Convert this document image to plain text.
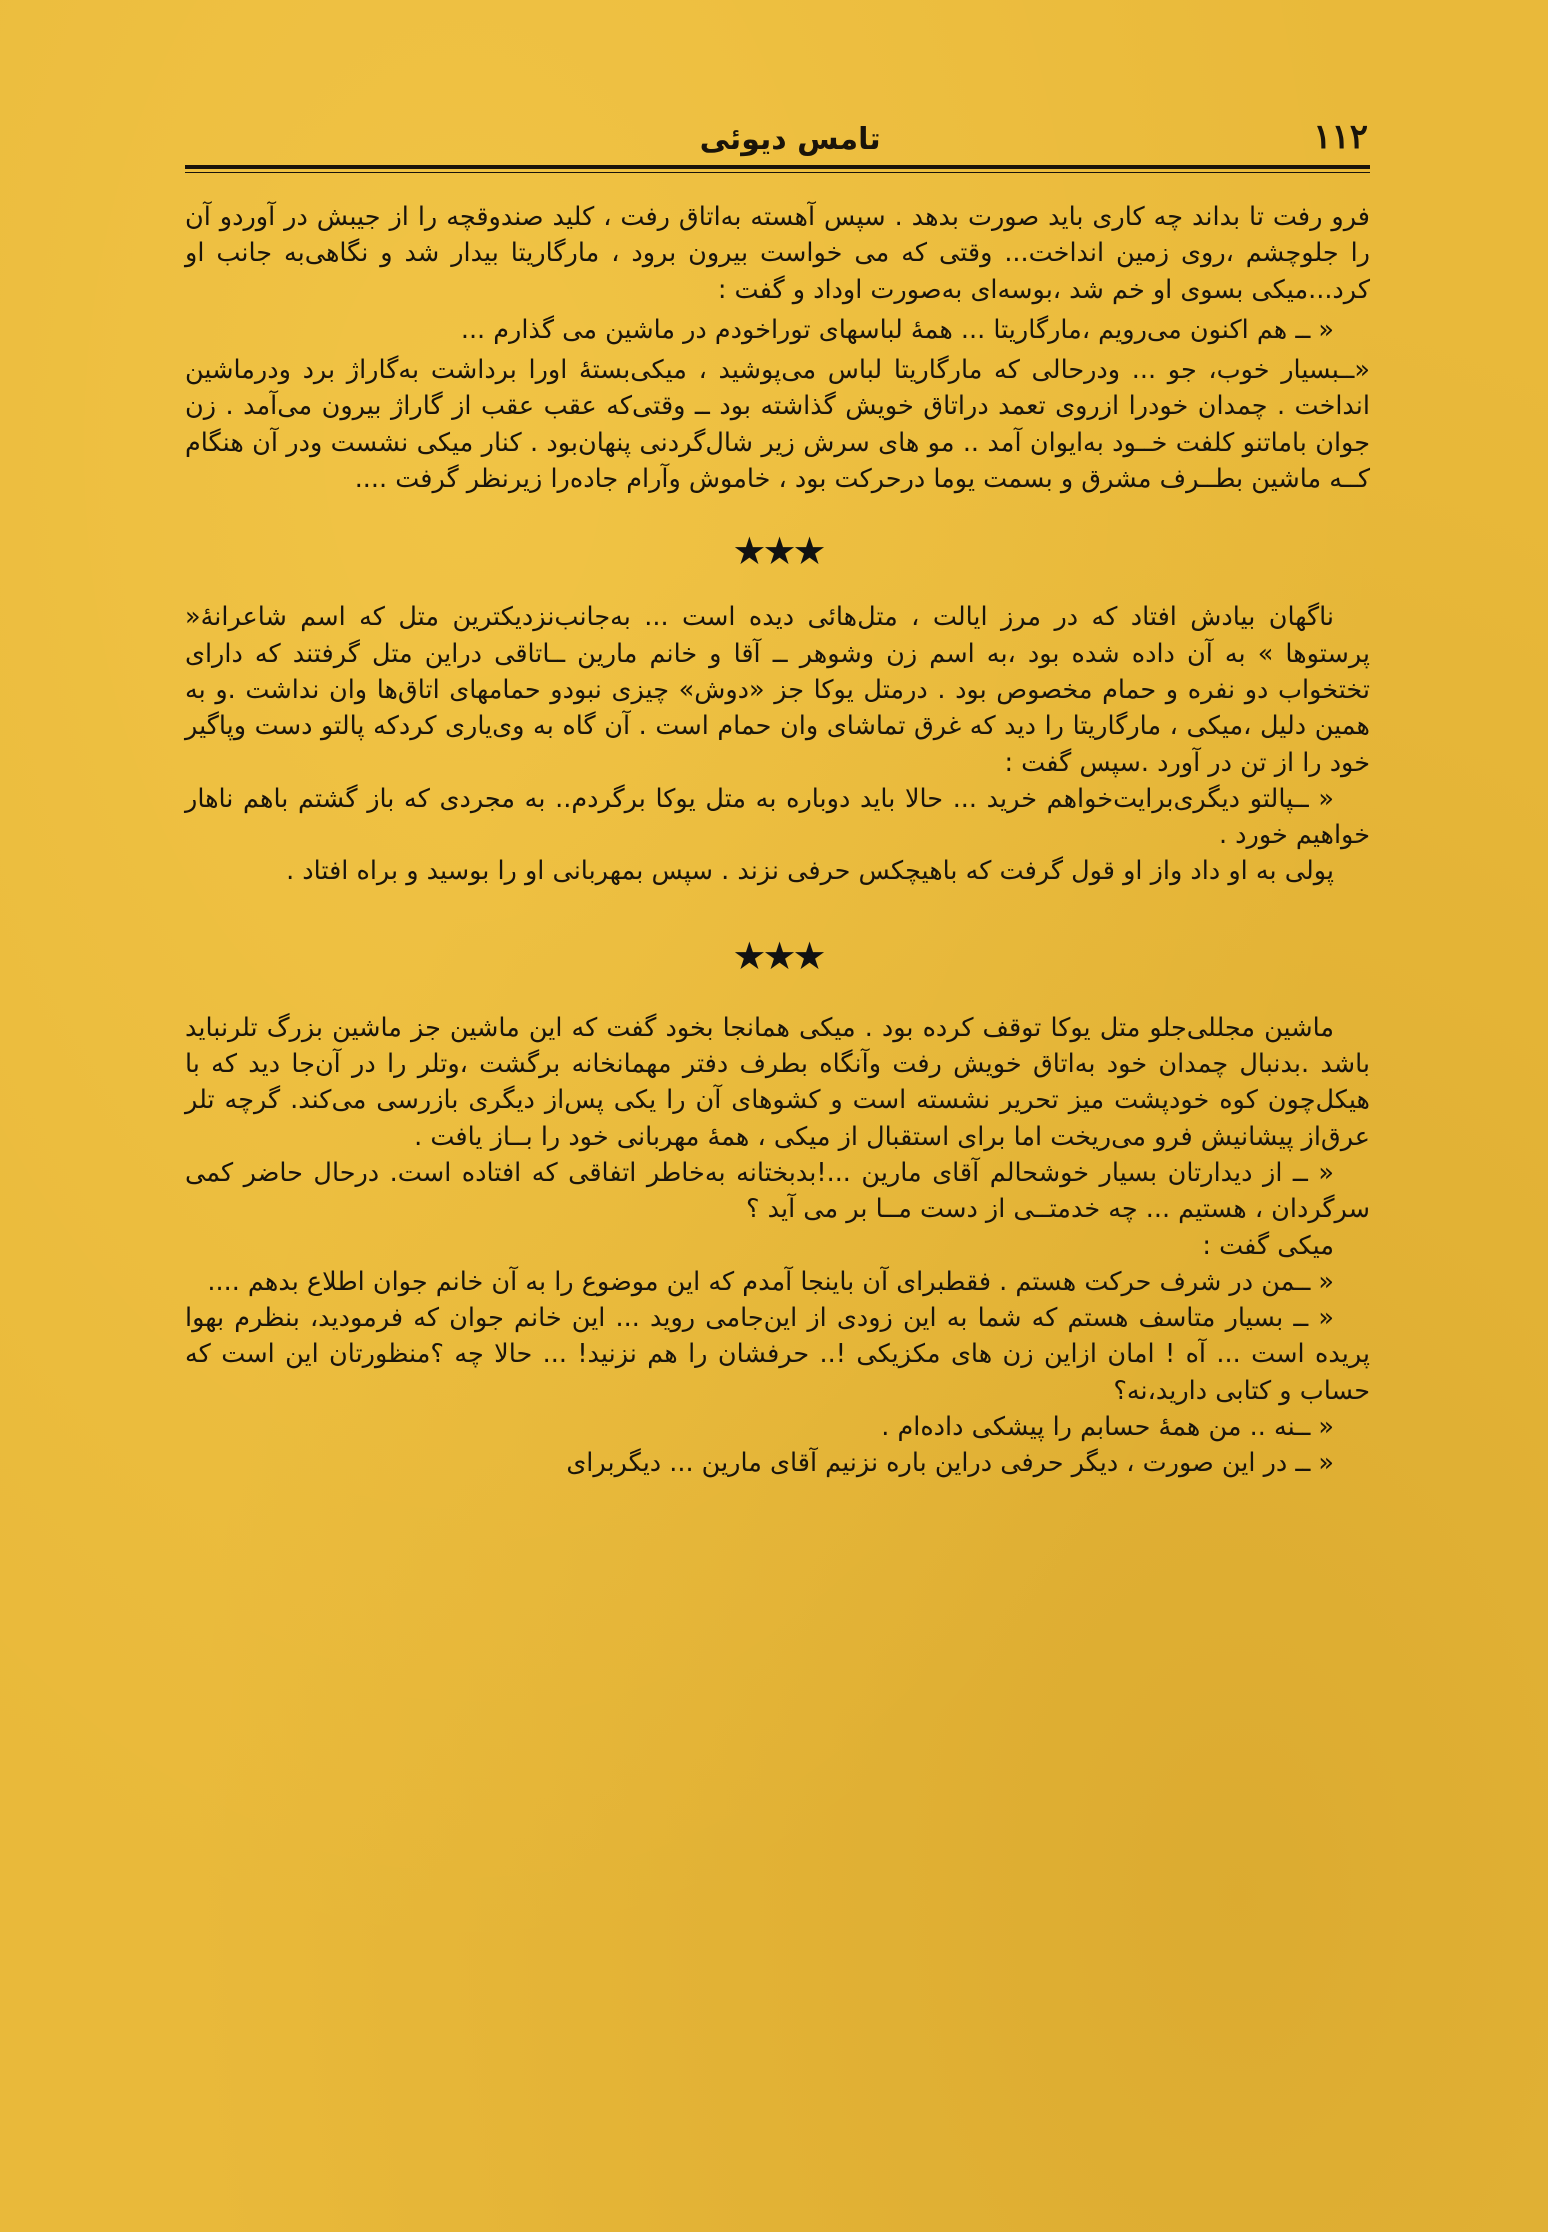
۱۱۲
تامس دیوئی

فرو رفت تا بداند چه کاری باید صورت بدهد . سپس آهسته به‌اتاق رفت ، کلید صندوقچه را از جیبش در آوردو آن را جلوچشم ،روی زمین انداخت... وقتی که می خواست بیرون برود ، مارگاریتا بیدار شد و نگاهی‌به جانب او کرد...میکی بسوی او خم شد ،بوسه‌ای به‌صورت اوداد و گفت :

« ــ هم اکنون می‌رویم ،مارگاریتا ... همهٔ لباسهای توراخودم در ماشین می گذارم ...

«ــبسیار خوب، جو ... ودرحالی که مارگاریتا لباس می‌پوشید ، میکی‌بستهٔ اورا برداشت به‌گاراژ برد ودرماشین انداخت . چمدان خودرا ازروی تعمد دراتاق خویش گذاشته بود ــ وقتی‌که عقب عقب از گاراژ بیرون می‌آمد . زن جوان باماتنو کلفت خــود به‌ایوان آمد .. مو های سرش زیر شال‌گردنی پنهان‌بود . کنار میکی نشست ودر آن هنگام کــه ماشین بطــرف مشرق و بسمت یوما درحرکت بود ، خاموش وآرام جاده‌را زیرنظر گرفت ....

★★★

ناگهان بیادش افتاد که در مرز ایالت ، متل‌هائی دیده است ... به‌جانب‌نزدیکترین متل که اسم شاعرانهٔ« پرستوها » به آن داده شده بود ،به اسم زن وشوهر ــ آقا و خانم مارین ــاتاقی دراین متل گرفتند که دارای تختخواب دو نفره و حمام مخصوص بود . درمتل یوکا جز «دوش» چیزی نبودو حمامهای اتاق‌ها وان نداشت .و به همین دلیل ،میکی ، مارگاریتا را دید که غرق تماشای وان حمام است . آن گاه به وی‌یاری کردکه پالتو دست وپاگیر خود را از تن در آورد .سپس گفت :

« ــپالتو دیگری‌برایت‌خواهم خرید ... حالا باید دوباره به متل یوکا برگردم.. به مجردی که باز گشتم باهم ناهار خواهیم خورد .

پولی به او داد واز او قول گرفت که باهیچکس حرفی نزند . سپس بمهربانی او را بوسید و براه افتاد .

★★★

ماشین مجللی‌جلو متل یوکا توقف کرده بود . میکی همانجا بخود گفت که این ماشین جز ماشین بزرگ تلرنباید باشد .بدنبال چمدان خود به‌اتاق خویش رفت وآنگاه بطرف دفتر مهمانخانه برگشت ،وتلر را در آن‌جا دید که با هیکل‌چون کوه خودپشت میز تحریر نشسته است و کشوهای آن را یکی پس‌از دیگری بازرسی می‌کند. گرچه تلر عرق‌از پیشانیش فرو می‌ریخت اما برای استقبال از میکی ، همهٔ مهربانی خود را بــاز یافت .

« ــ از دیدارتان بسیار خوشحالم آقای مارین ...!بدبختانه به‌خاطر اتفاقی که افتاده است. درحال حاضر کمی سرگردان ، هستیم ... چه خدمتــی از دست مــا بر می آید ؟

میکی گفت :

« ــمن در شرف حرکت هستم . فقطبرای آن باینجا آمدم که این موضوع را به آن خانم جوان اطلاع بدهم ....

« ــ بسیار متاسف هستم که شما به این زودی از این‌جامی روید ... این خانم جوان که فرمودید، بنظرم بهوا پریده است ... آه ! امان ازاین زن های مکزیکی !.. حرفشان را هم نزنید! ... حالا چه ؟منظورتان این است که حساب و کتابی دارید،نه؟

« ــنه .. من همهٔ حسابم را پیشکی داده‌ام .

« ــ در این صورت ، دیگر حرفی دراین باره نزنیم آقای مارین ... دیگربرای
